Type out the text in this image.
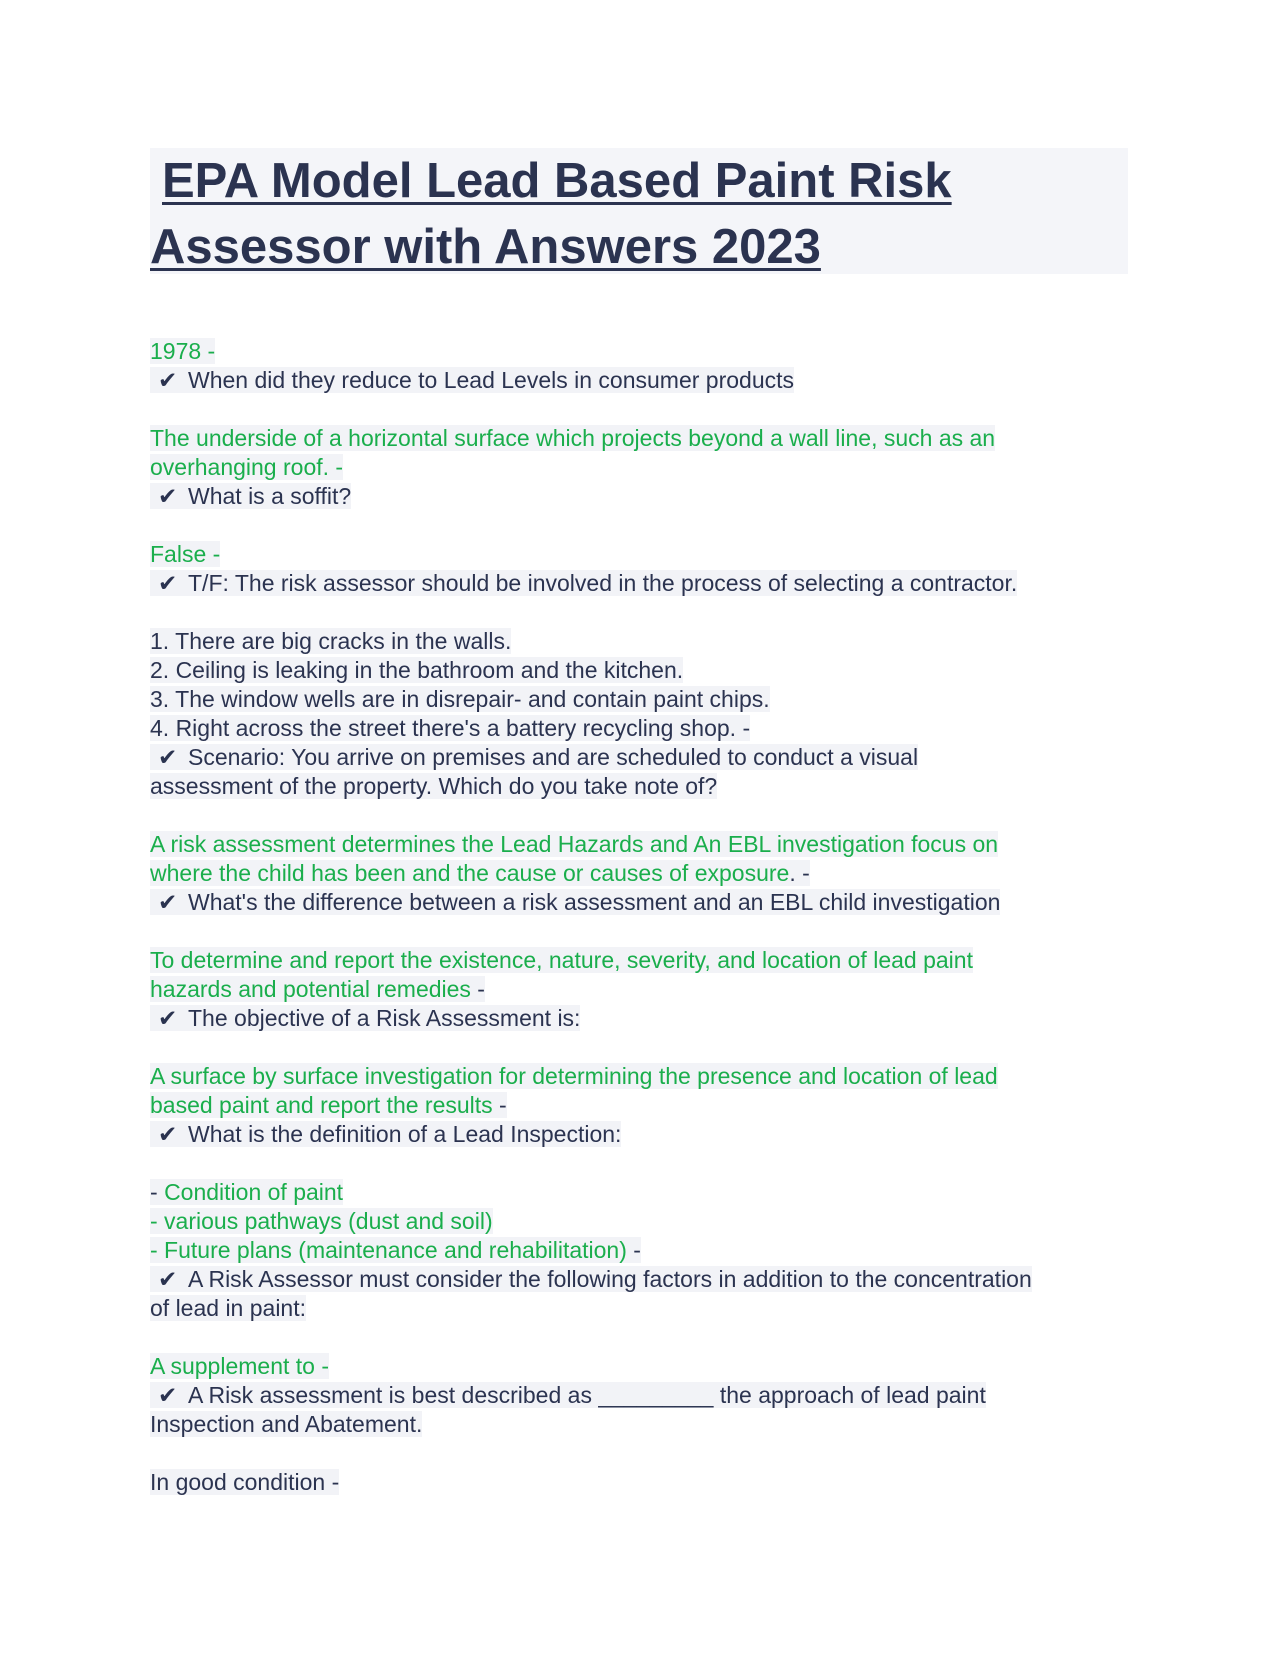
EPA Model Lead Based Paint Risk
Assessor with Answers 2023
1978 -
✔ When did they reduce to Lead Levels in consumer products
The underside of a horizontal surface which projects beyond a wall line, such as an
overhanging roof. -
✔ What is a soffit?
False -
✔ T/F: The risk assessor should be involved in the process of selecting a contractor.
1. There are big cracks in the walls.
2. Ceiling is leaking in the bathroom and the kitchen.
3. The window wells are in disrepair- and contain paint chips.
4. Right across the street there's a battery recycling shop. -
✔ Scenario: You arrive on premises and are scheduled to conduct a visual
assessment of the property. Which do you take note of?
A risk assessment determines the Lead Hazards and An EBL investigation focus on
where the child has been and the cause or causes of exposure. -
✔ What's the difference between a risk assessment and an EBL child investigation
To determine and report the existence, nature, severity, and location of lead paint
hazards and potential remedies -
✔ The objective of a Risk Assessment is:
A surface by surface investigation for determining the presence and location of lead
based paint and report the results -
✔ What is the definition of a Lead Inspection:
- Condition of paint
- various pathways (dust and soil)
- Future plans (maintenance and rehabilitation) -
✔ A Risk Assessor must consider the following factors in addition to the concentration
of lead in paint:
A supplement to -
✔ A Risk assessment is best described as _________ the approach of lead paint
Inspection and Abatement.
In good condition -
